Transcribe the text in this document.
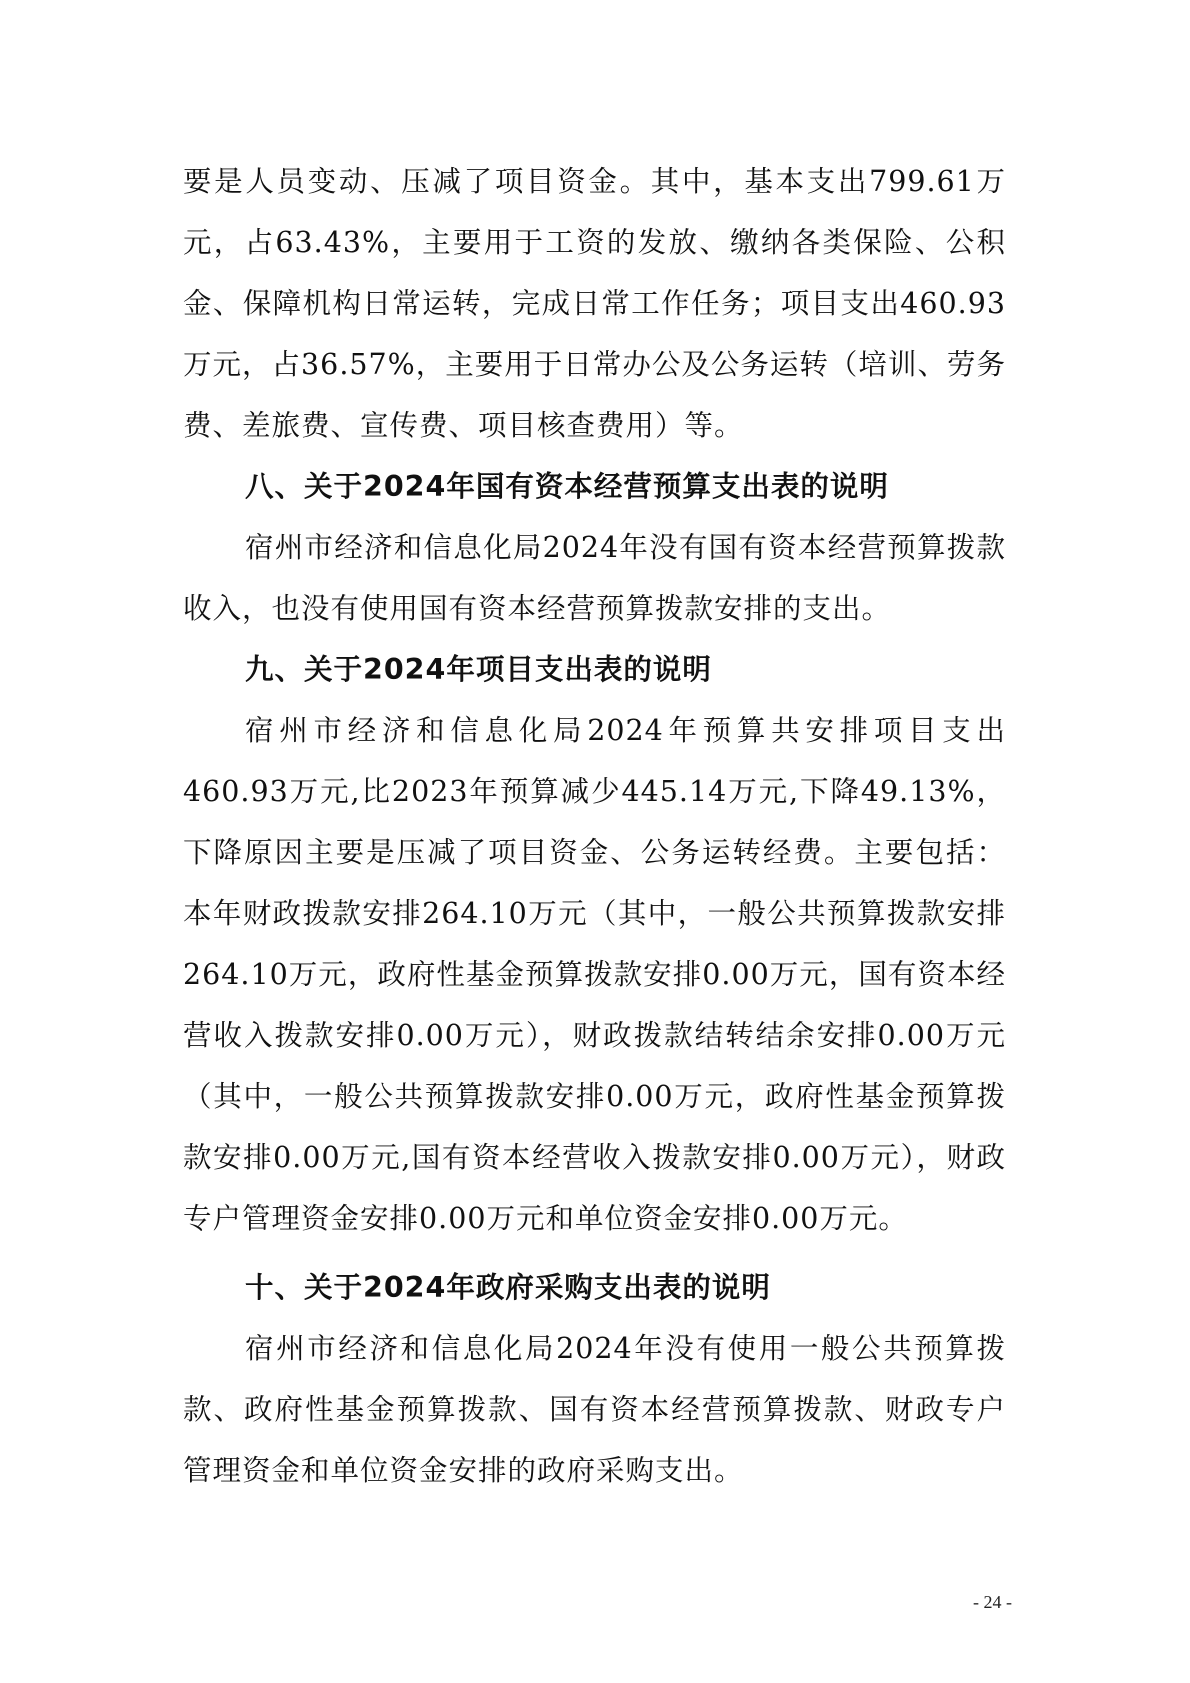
要是人员变动、压减了项目资金。其中，基本支出799.61万元，占63.43%，主要用于工资的发放、缴纳各类保险、公积金、保障机构日常运转，完成日常工作任务；项目支出460.93万元，占36.57%，主要用于日常办公及公务运转（培训、劳务费、差旅费、宣传费、项目核查费用）等。

八、关于2024年国有资本经营预算支出表的说明

宿州市经济和信息化局2024年没有国有资本经营预算拨款收入，也没有使用国有资本经营预算拨款安排的支出。

九、关于2024年项目支出表的说明

宿州市经济和信息化局2024年预算共安排项目支出460.93万元,比2023年预算减少445.14万元,下降49.13%，下降原因主要是压减了项目资金、公务运转经费。主要包括：本年财政拨款安排264.10万元（其中，一般公共预算拨款安排264.10万元，政府性基金预算拨款安排0.00万元，国有资本经营收入拨款安排0.00万元），财政拨款结转结余安排0.00万元（其中，一般公共预算拨款安排0.00万元，政府性基金预算拨款安排0.00万元,国有资本经营收入拨款安排0.00万元），财政专户管理资金安排0.00万元和单位资金安排0.00万元。

十、关于2024年政府采购支出表的说明

宿州市经济和信息化局2024年没有使用一般公共预算拨款、政府性基金预算拨款、国有资本经营预算拨款、财政专户管理资金和单位资金安排的政府采购支出。

- 24 -
